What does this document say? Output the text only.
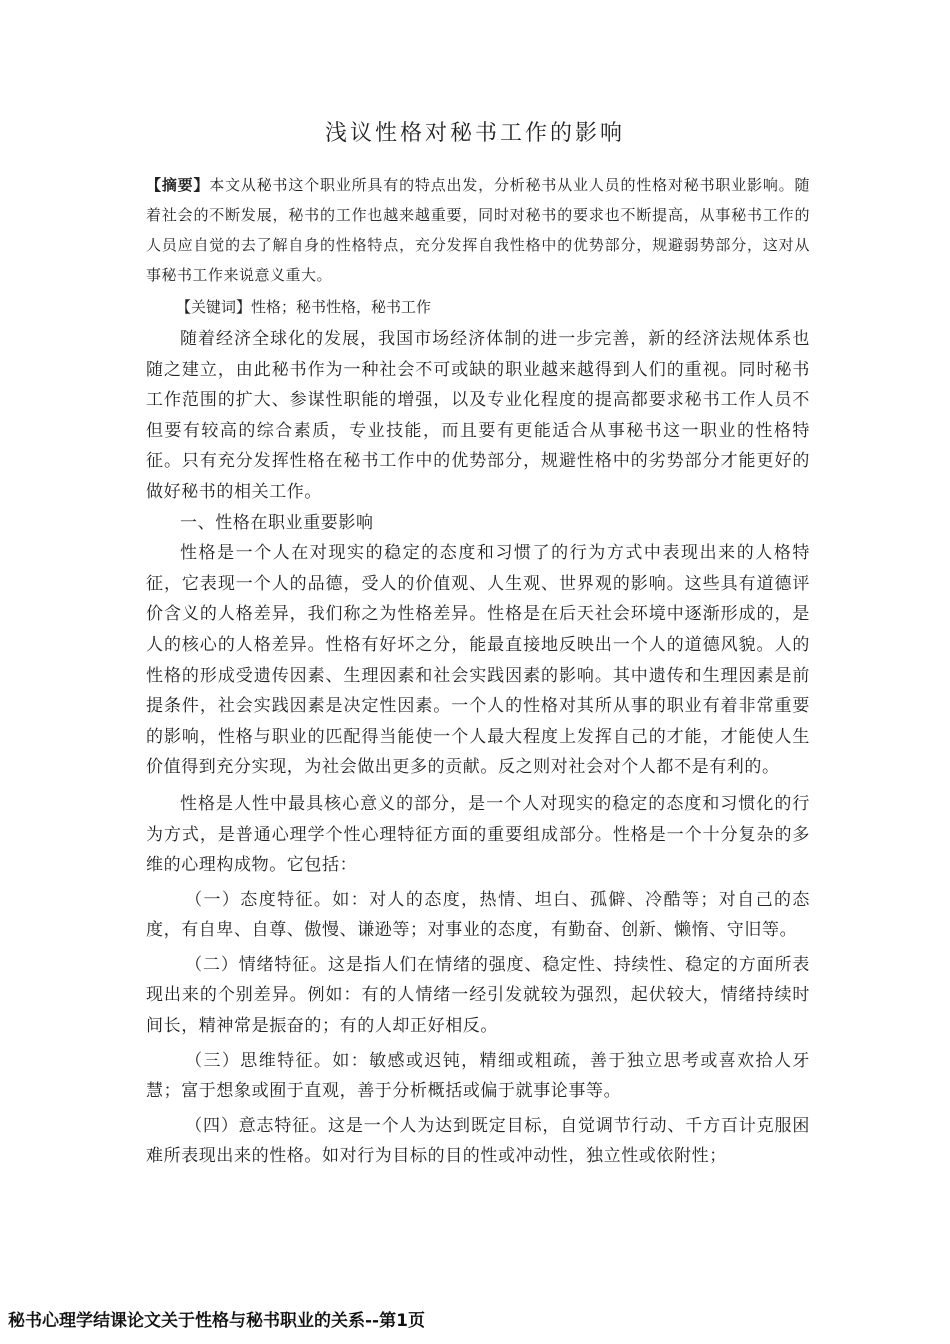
浅议性格对秘书工作的影响

【摘要】本文从秘书这个职业所具有的特点出发，分析秘书从业人员的性格对秘书职业影响。随着社会的不断发展，秘书的工作也越来越重要，同时对秘书的要求也不断提高，从事秘书工作的人员应自觉的去了解自身的性格特点，充分发挥自我性格中的优势部分，规避弱势部分，这对从事秘书工作来说意义重大。

【关键词】性格；秘书性格，秘书工作

随着经济全球化的发展，我国市场经济体制的进一步完善，新的经济法规体系也随之建立，由此秘书作为一种社会不可或缺的职业越来越得到人们的重视。同时秘书工作范围的扩大、参谋性职能的增强，以及专业化程度的提高都要求秘书工作人员不但要有较高的综合素质，专业技能，而且要有更能适合从事秘书这一职业的性格特征。只有充分发挥性格在秘书工作中的优势部分，规避性格中的劣势部分才能更好的做好秘书的相关工作。

一、性格在职业重要影响

性格是一个人在对现实的稳定的态度和习惯了的行为方式中表现出来的人格特征，它表现一个人的品德，受人的价值观、人生观、世界观的影响。这些具有道德评价含义的人格差异，我们称之为性格差异。性格是在后天社会环境中逐渐形成的，是人的核心的人格差异。性格有好坏之分，能最直接地反映出一个人的道德风貌。人的性格的形成受遗传因素、生理因素和社会实践因素的影响。其中遗传和生理因素是前提条件，社会实践因素是决定性因素。一个人的性格对其所从事的职业有着非常重要的影响，性格与职业的匹配得当能使一个人最大程度上发挥自己的才能，才能使人生价值得到充分实现，为社会做出更多的贡献。反之则对社会对个人都不是有利的。

性格是人性中最具核心意义的部分，是一个人对现实的稳定的态度和习惯化的行为方式，是普通心理学个性心理特征方面的重要组成部分。性格是一个十分复杂的多维的心理构成物。它包括：

（一）态度特征。如：对人的态度，热情、坦白、孤僻、冷酷等；对自己的态度，有自卑、自尊、傲慢、谦逊等；对事业的态度，有勤奋、创新、懒惰、守旧等。

（二）情绪特征。这是指人们在情绪的强度、稳定性、持续性、稳定的方面所表现出来的个别差异。例如：有的人情绪一经引发就较为强烈，起伏较大，情绪持续时间长，精神常是振奋的；有的人却正好相反。

（三）思维特征。如：敏感或迟钝，精细或粗疏，善于独立思考或喜欢拾人牙慧；富于想象或囿于直观，善于分析概括或偏于就事论事等。

（四）意志特征。这是一个人为达到既定目标，自觉调节行动、千方百计克服困难所表现出来的性格。如对行为目标的目的性或冲动性，独立性或依附性；

秘书心理学结课论文关于性格与秘书职业的关系--第1页
